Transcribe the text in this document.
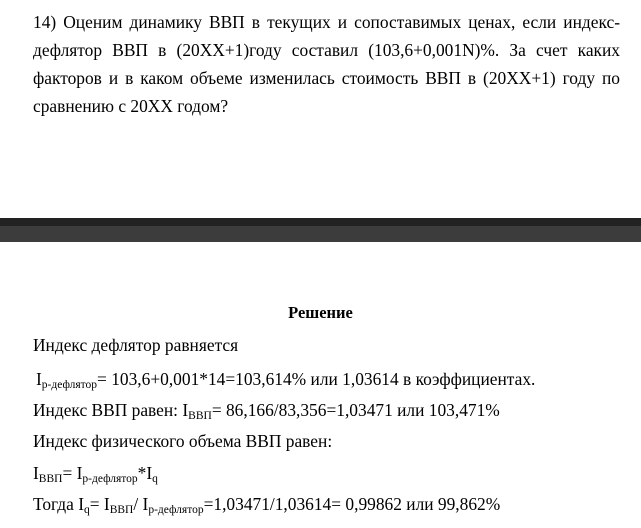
14) Оценим динамику ВВП в текущих и сопоставимых ценах, если индекс-
дефлятор ВВП в (20ХХ+1)году составил (103,6+0,001N)%. За счет каких
факторов и в каком объеме изменилась стоимость ВВП в (20ХХ+1) году по
сравнению с 20ХХ годом?
Решение
Индекс дефлятор равняется
$I_{р-дефлятор}= 103,6+0,001*14=103,614\%$ или 1,03614 в коэффициентах.
Индекс ВВП равен: $I_{ВВП}= 86,166/83,356=1,03471$ или 103,471%
Индекс физического объема ВВП равен:
$I_{ВВП}= I_{р-дефлятор}*I_q$
Тогда $I_q= I_{ВВП}/$ $I_{р-дефлятор}=1,03471/1,03614= 0,99862$ или 99,862%
